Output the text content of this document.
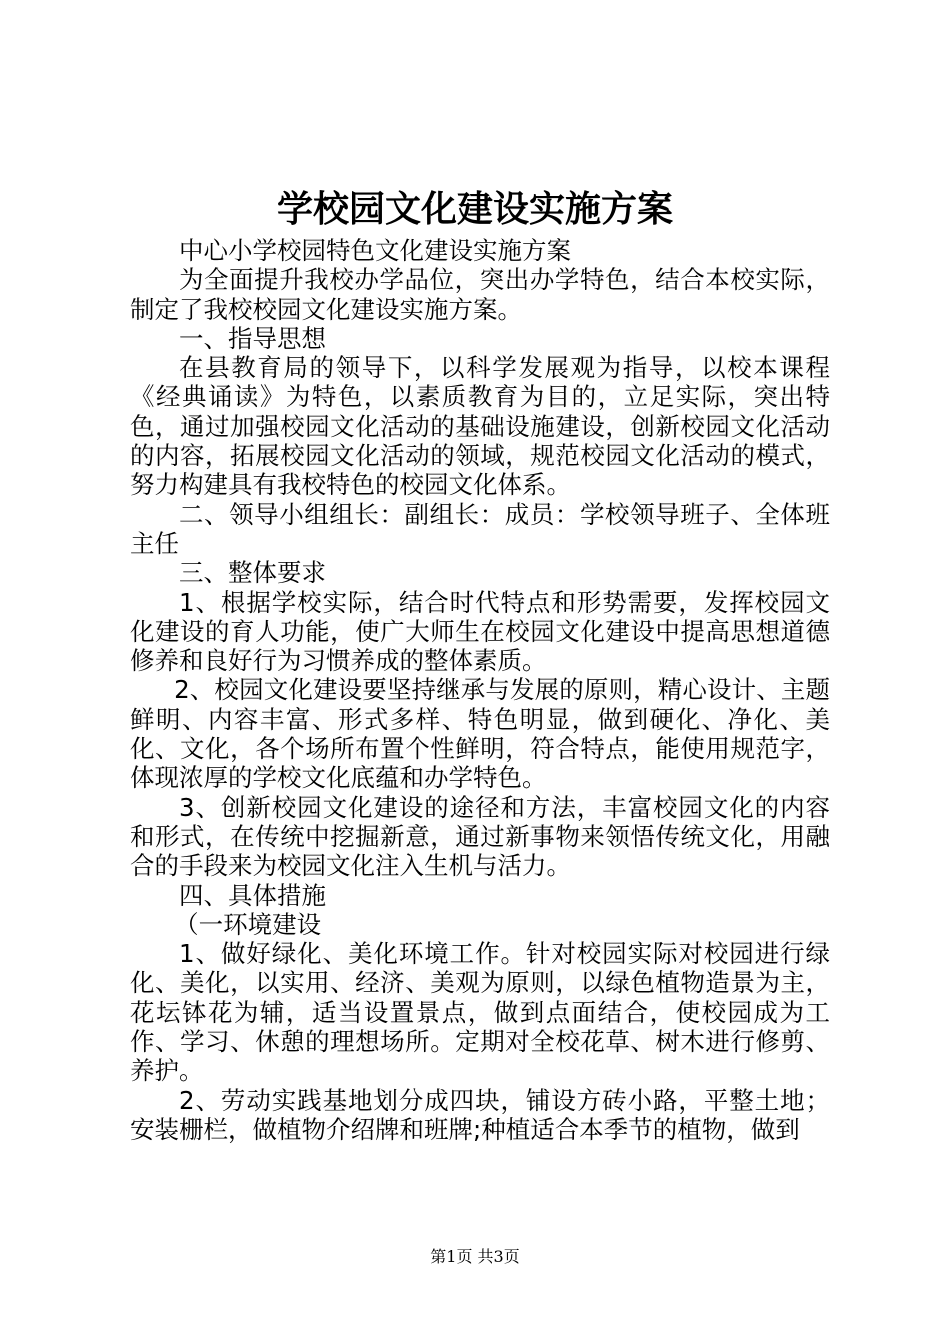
学校园文化建设实施方案

中心小学校园特色文化建设实施方案

为全面提升我校办学品位，突出办学特色，结合本校实际，制定了我校校园文化建设实施方案。

一、指导思想

在县教育局的领导下，以科学发展观为指导，以校本课程《经典诵读》为特色，以素质教育为目的，立足实际，突出特色，通过加强校园文化活动的基础设施建设，创新校园文化活动的内容，拓展校园文化活动的领域，规范校园文化活动的模式，努力构建具有我校特色的校园文化体系。

二、领导小组组长：副组长：成员：学校领导班子、全体班主任

三、整体要求

1、根据学校实际，结合时代特点和形势需要，发挥校园文化建设的育人功能，使广大师生在校园文化建设中提高思想道德修养和良好行为习惯养成的整体素质。

2、校园文化建设要坚持继承与发展的原则，精心设计、主题鲜明、内容丰富、形式多样、特色明显，做到硬化、净化、美化、文化，各个场所布置个性鲜明，符合特点，能使用规范字，体现浓厚的学校文化底蕴和办学特色。

3、创新校园文化建设的途径和方法，丰富校园文化的内容和形式，在传统中挖掘新意，通过新事物来领悟传统文化，用融合的手段来为校园文化注入生机与活力。

四、具体措施

（一环境建设

1、做好绿化、美化环境工作。针对校园实际对校园进行绿化、美化，以实用、经济、美观为原则，以绿色植物造景为主，花坛钵花为辅，适当设置景点，做到点面结合，使校园成为工作、学习、休憩的理想场所。定期对全校花草、树木进行修剪、养护。

2、劳动实践基地划分成四块，铺设方砖小路，平整土地；安装栅栏，做植物介绍牌和班牌;种植适合本季节的植物，做到

第1页 共3页
